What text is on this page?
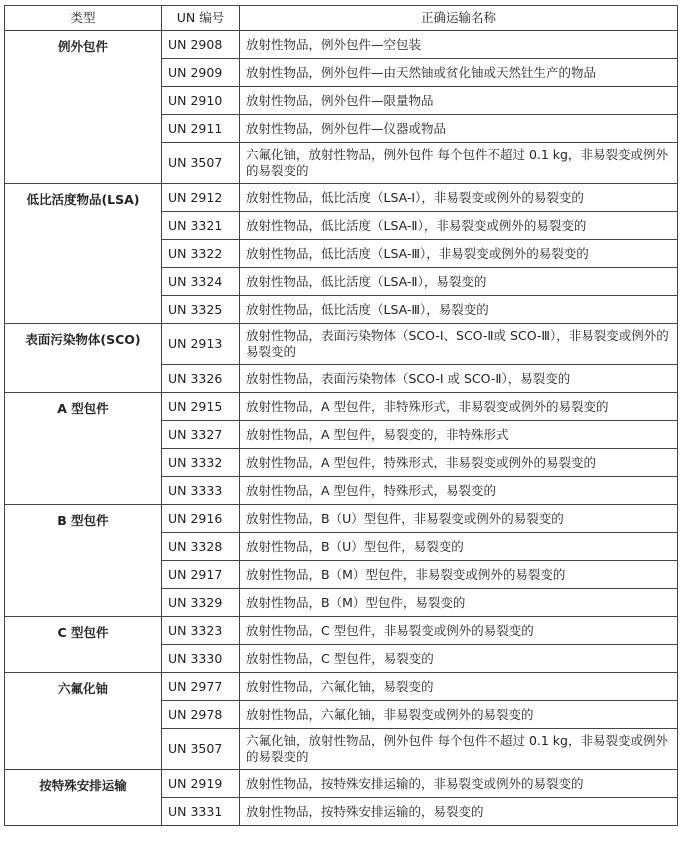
类型	UN 编号	正确运输名称
例外包件	UN 2908	放射性物品，例外包件—空包装
	UN 2909	放射性物品，例外包件—由天然铀或贫化铀或天然钍生产的物品
	UN 2910	放射性物品，例外包件—限量物品
	UN 2911	放射性物品，例外包件—仪器或物品
	UN 3507	六氟化铀，放射性物品，例外包件 每个包件不超过 0.1 kg，非易裂变或例外的易裂变的
低比活度物品(LSA)	UN 2912	放射性物品，低比活度（LSA-Ⅰ），非易裂变或例外的易裂变的
	UN 3321	放射性物品，低比活度（LSA-Ⅱ），非易裂变或例外的易裂变的
	UN 3322	放射性物品，低比活度（LSA-Ⅲ），非易裂变或例外的易裂变的
	UN 3324	放射性物品，低比活度（LSA-Ⅱ），易裂变的
	UN 3325	放射性物品，低比活度（LSA-Ⅲ），易裂变的
表面污染物体(SCO)	UN 2913	放射性物品，表面污染物体（SCO-Ⅰ、SCO-Ⅱ或 SCO-Ⅲ），非易裂变或例外的易裂变的
	UN 3326	放射性物品，表面污染物体（SCO-Ⅰ 或 SCO-Ⅱ），易裂变的
A 型包件	UN 2915	放射性物品，A 型包件，非特殊形式，非易裂变或例外的易裂变的
	UN 3327	放射性物品，A 型包件，易裂变的，非特殊形式
	UN 3332	放射性物品，A 型包件，特殊形式，非易裂变或例外的易裂变的
	UN 3333	放射性物品，A 型包件，特殊形式，易裂变的
B 型包件	UN 2916	放射性物品，B（U）型包件，非易裂变或例外的易裂变的
	UN 3328	放射性物品，B（U）型包件，易裂变的
	UN 2917	放射性物品，B（M）型包件，非易裂变或例外的易裂变的
	UN 3329	放射性物品，B（M）型包件，易裂变的
C 型包件	UN 3323	放射性物品，C 型包件，非易裂变或例外的易裂变的
	UN 3330	放射性物品，C 型包件，易裂变的
六氟化铀	UN 2977	放射性物品，六氟化铀，易裂变的
	UN 2978	放射性物品，六氟化铀，非易裂变或例外的易裂变的
	UN 3507	六氟化铀，放射性物品，例外包件 每个包件不超过 0.1 kg，非易裂变或例外的易裂变的
按特殊安排运输	UN 2919	放射性物品，按特殊安排运输的，非易裂变或例外的易裂变的
	UN 3331	放射性物品，按特殊安排运输的，易裂变的
